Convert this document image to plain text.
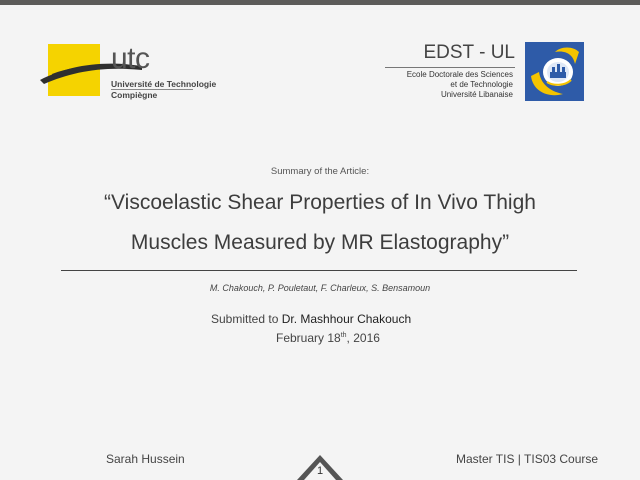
utc
Université de Technologie
Compiègne
EDST - UL
Ecole Doctorale des Sciences
et de Technologie
Université Libanaise
Summary of the Article:
“Viscoelastic Shear Properties of In Vivo Thigh
Muscles Measured by MR Elastography”
M. Chakouch, P. Pouletaut, F. Charleux, S. Bensamoun
Submitted to Dr. Mashhour Chakouch
February 18th, 2016
Sarah Hussein
1
Master TIS | TIS03 Course
